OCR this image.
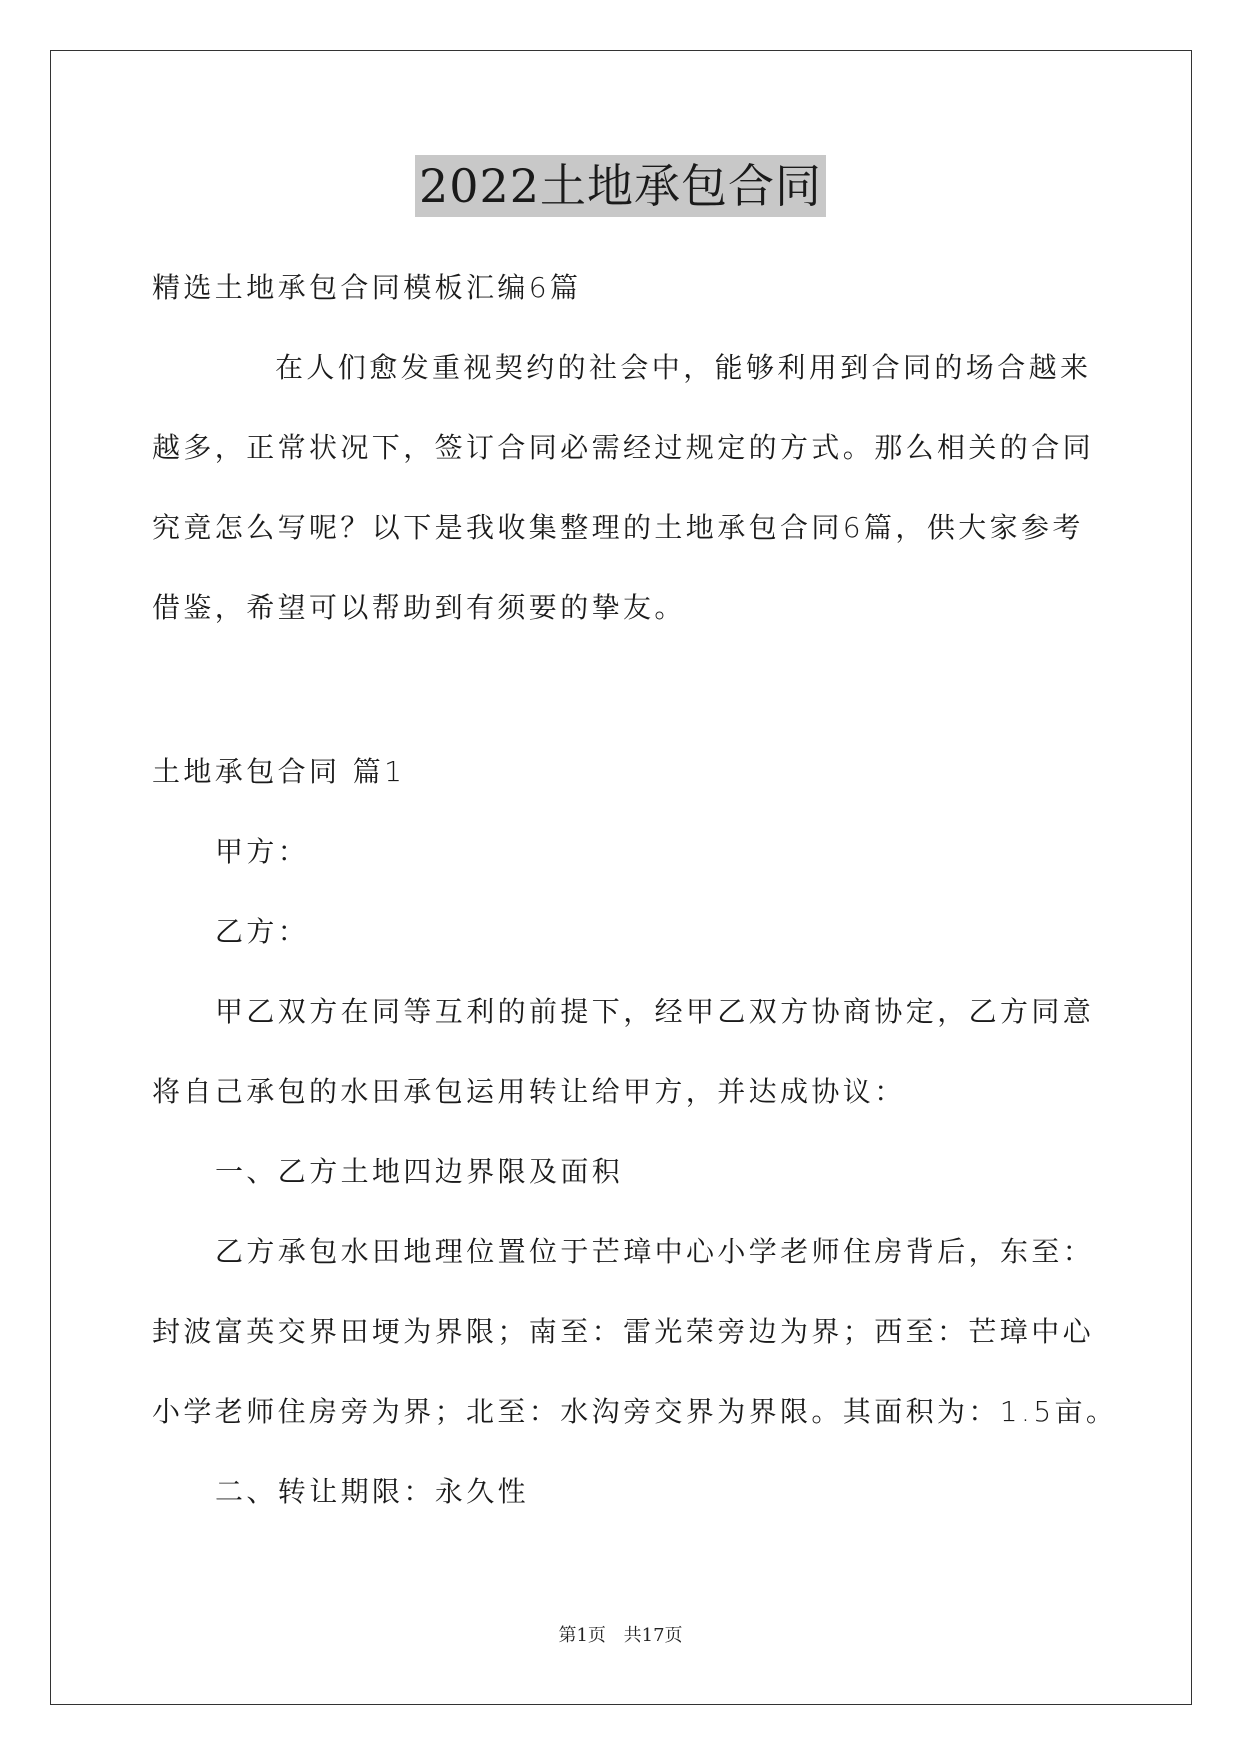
2022土地承包合同
精选土地承包合同模板汇编6篇
在人们愈发重视契约的社会中，能够利用到合同的场合越来
越多，正常状况下，签订合同必需经过规定的方式。那么相关的合同
究竟怎么写呢？以下是我收集整理的土地承包合同6篇，供大家参考
借鉴，希望可以帮助到有须要的挚友。
土地承包合同 篇1
甲方：
乙方：
甲乙双方在同等互利的前提下，经甲乙双方协商协定，乙方同意
将自己承包的水田承包运用转让给甲方，并达成协议：
一、乙方土地四边界限及面积
乙方承包水田地理位置位于芒璋中心小学老师住房背后，东至：
封波富英交界田埂为界限；南至：雷光荣旁边为界；西至：芒璋中心
小学老师住房旁为界；北至：水沟旁交界为界限。其面积为：1.5亩。
二、转让期限：永久性
第1页 共17页
